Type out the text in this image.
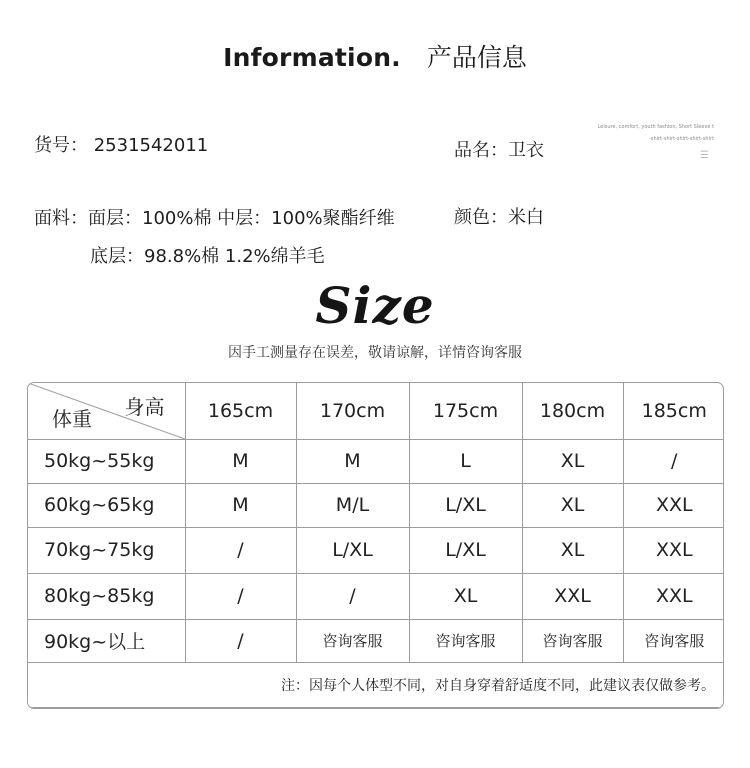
Information. 产品信息
货号： 2531542011	品名：卫衣
Leisure, comfort, youth fashion, Short Sleeve t
-shirt-shirt-shirt-shirt-shirt
☰
面料：面层：100%棉 中层：100%聚酯纤维	颜色：米白
底层：98.8%棉 1.2%绵羊毛
Size
因手工测量存在误差，敬请谅解，详情咨询客服
身高
体重	165cm	170cm	175cm	180cm	185cm
50kg~55kg	M	M	L	XL	/
60kg~65kg	M	M/L	L/XL	XL	XXL
70kg~75kg	/	L/XL	L/XL	XL	XXL
80kg~85kg	/	/	XL	XXL	XXL
90kg~以上	/	咨询客服	咨询客服	咨询客服	咨询客服
注：因每个人体型不同，对自身穿着舒适度不同，此建议表仅做参考。					
